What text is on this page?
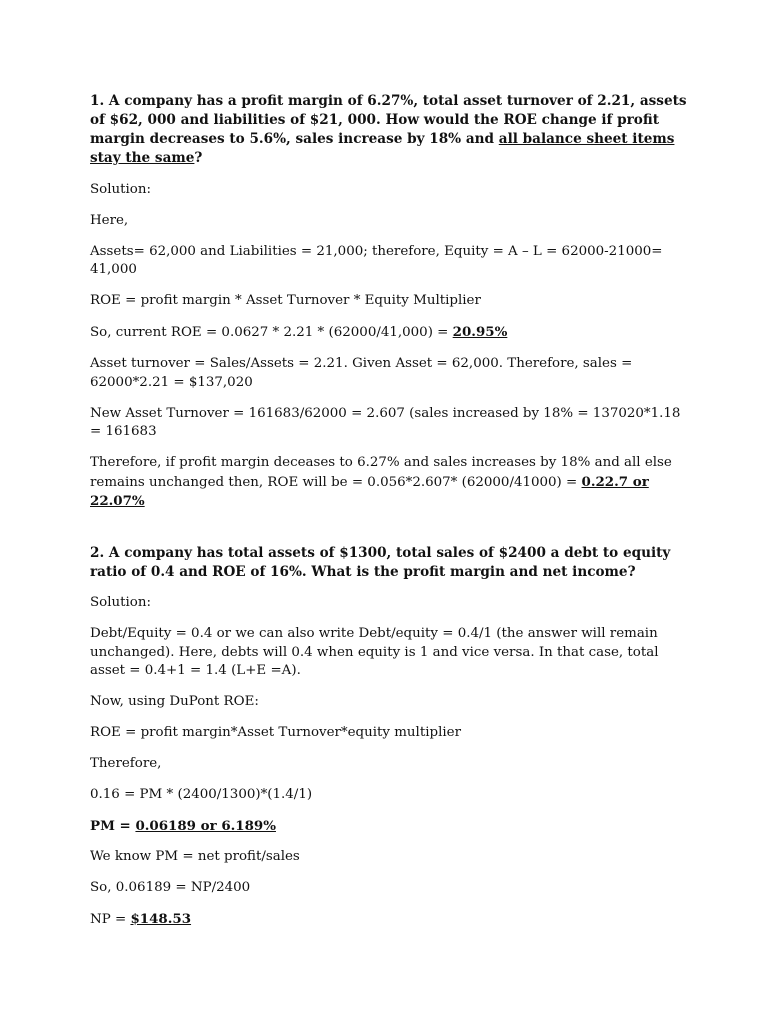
1. A company has a profit margin of 6.27%, total asset turnover of 2.21, assets of $62, 000 and liabilities of $21, 000. How would the ROE change if profit margin decreases to 5.6%, sales increase by 18% and all balance sheet items stay the same?

Solution:

Here,

Assets= 62,000 and Liabilities = 21,000; therefore, Equity = A – L = 62000-21000= 41,000

ROE = profit margin * Asset Turnover * Equity Multiplier

So, current ROE = 0.0627 * 2.21 * (62000/41,000) = 20.95%

Asset turnover = Sales/Assets = 2.21. Given Asset = 62,000. Therefore, sales = 62000*2.21 = $137,020

New Asset Turnover = 161683/62000 = 2.607 (sales increased by 18% = 137020*1.18 = 161683

Therefore, if profit margin deceases to 6.27% and sales increases by 18% and all else remains unchanged then, ROE will be = 0.056*2.607* (62000/41000) = 0.22.7 or 22.07%

2. A company has total assets of $1300, total sales of $2400 a debt to equity ratio of 0.4 and ROE of 16%. What is the profit margin and net income?

Solution:

Debt/Equity = 0.4 or we can also write Debt/equity = 0.4/1 (the answer will remain unchanged). Here, debts will 0.4 when equity is 1 and vice versa. In that case, total asset = 0.4+1 = 1.4 (L+E =A).

Now, using DuPont ROE:

ROE = profit margin*Asset Turnover*equity multiplier

Therefore,

0.16 = PM * (2400/1300)*(1.4/1)

PM = 0.06189 or 6.189%

We know PM = net profit/sales

So, 0.06189 = NP/2400

NP = $148.53
